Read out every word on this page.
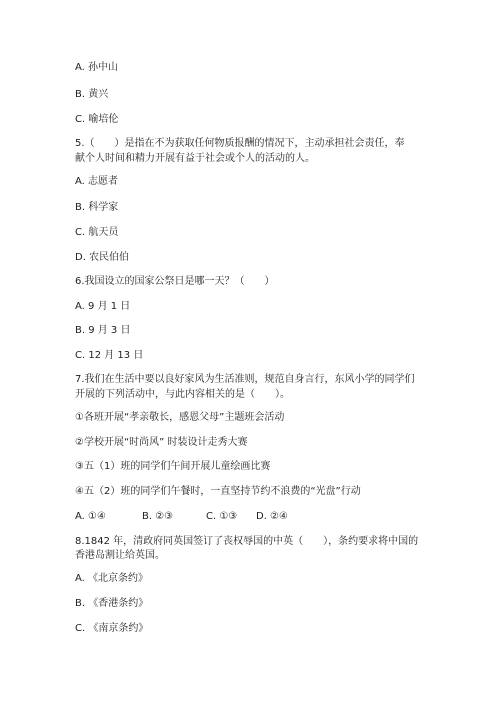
A. 孙中山
B. 黄兴
C. 喻培伦
5.（　　）是指在不为获取任何物质报酬的情况下，主动承担社会责任，奉
献个人时间和精力开展有益于社会或个人的活动的人。
A. 志愿者
B. 科学家
C. 航天员
D. 农民伯伯
6.我国设立的国家公祭日是哪一天？（　　）
A. 9 月 1 日
B. 9 月 3 日
C. 12 月 13 日
7.我们在生活中要以良好家风为生活准则，规范自身言行，东风小学的同学们
开展的下列活动中，与此内容相关的是（　　）。
①各班开展“孝亲敬长，感恩父母”主题班会活动
②学校开展“时尚风” 时装设计走秀大赛
③五（1）班的同学们午间开展儿童绘画比赛
④五（2）班的同学们午餐时，一直坚持节约不浪费的“光盘”行动
A. ①④	B. ②③	C. ①③ D. ②④
8.1842 年，清政府同英国签订了丧权辱国的中英（　　），条约要求将中国的
香港岛割让给英国。
A. 《北京条约》
B. 《香港条约》
C. 《南京条约》
